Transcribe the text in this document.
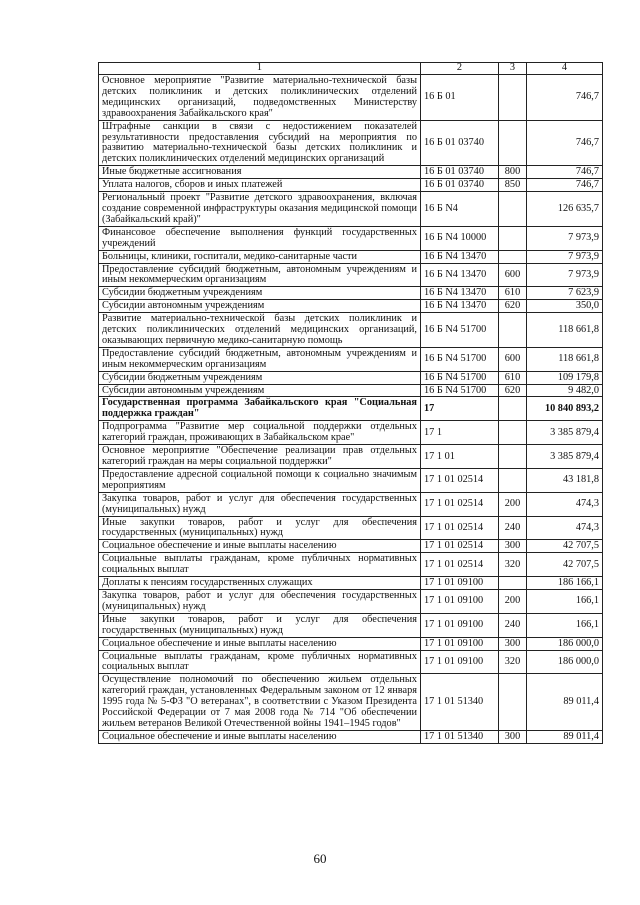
1	2	3	4
Основное мероприятие "Развитие материально-технической базы детских поликлиник и детских поликлинических отделений медицинских организаций, подведомственных Министерству здравоохранения Забайкальского края"	16 Б 01		746,7
Штрафные санкции в связи с недостижением показателей результативности предоставления субсидий на мероприятия по развитию материально-технической базы детских поликлиник и детских поликлинических отделений медицинских организаций	16 Б 01 03740		746,7
Иные бюджетные ассигнования	16 Б 01 03740	800	746,7
Уплата налогов, сборов и иных платежей	16 Б 01 03740	850	746,7
Региональный проект "Развитие детского здравоохранения, включая создание современной инфраструктуры оказания медицинской помощи (Забайкальский край)"	16 Б N4		126 635,7
Финансовое обеспечение выполнения функций государственных учреждений	16 Б N4 10000		7 973,9
Больницы, клиники, госпитали, медико-санитарные части	16 Б N4 13470		7 973,9
Предоставление субсидий бюджетным, автономным учреждениям и иным некоммерческим организациям	16 Б N4 13470	600	7 973,9
Субсидии бюджетным учреждениям	16 Б N4 13470	610	7 623,9
Субсидии автономным учреждениям	16 Б N4 13470	620	350,0
Развитие материально-технической базы детских поликлиник и детских поликлинических отделений медицинских организаций, оказывающих первичную медико-санитарную помощь	16 Б N4 51700		118 661,8
Предоставление субсидий бюджетным, автономным учреждениям и иным некоммерческим организациям	16 Б N4 51700	600	118 661,8
Субсидии бюджетным учреждениям	16 Б N4 51700	610	109 179,8
Субсидии автономным учреждениям	16 Б N4 51700	620	9 482,0
Государственная программа Забайкальского края "Социальная поддержка граждан"	17		10 840 893,2
Подпрограмма "Развитие мер социальной поддержки отдельных категорий граждан, проживающих в Забайкальском крае"	17 1		3 385 879,4
Основное мероприятие "Обеспечение реализации прав отдельных категорий граждан на меры социальной поддержки"	17 1 01		3 385 879,4
Предоставление адресной социальной помощи к социально значимым мероприятиям	17 1 01 02514		43 181,8
Закупка товаров, работ и услуг для обеспечения государственных (муниципальных) нужд	17 1 01 02514	200	474,3
Иные закупки товаров, работ и услуг для обеспечения государственных (муниципальных) нужд	17 1 01 02514	240	474,3
Социальное обеспечение и иные выплаты населению	17 1 01 02514	300	42 707,5
Социальные выплаты гражданам, кроме публичных нормативных социальных выплат	17 1 01 02514	320	42 707,5
Доплаты к пенсиям государственных служащих	17 1 01 09100		186 166,1
Закупка товаров, работ и услуг для обеспечения государственных (муниципальных) нужд	17 1 01 09100	200	166,1
Иные закупки товаров, работ и услуг для обеспечения государственных (муниципальных) нужд	17 1 01 09100	240	166,1
Социальное обеспечение и иные выплаты населению	17 1 01 09100	300	186 000,0
Социальные выплаты гражданам, кроме публичных нормативных социальных выплат	17 1 01 09100	320	186 000,0
Осуществление полномочий по обеспечению жильем отдельных категорий граждан, установленных Федеральным законом от 12 января 1995 года № 5-ФЗ "О ветеранах", в соответствии с Указом Президента Российской Федерации от 7 мая 2008 года № 714 "Об обеспечении жильем ветеранов Великой Отечественной войны 1941–1945 годов"	17 1 01 51340		89 011,4
Социальное обеспечение и иные выплаты населению	17 1 01 51340	300	89 011,4
60
